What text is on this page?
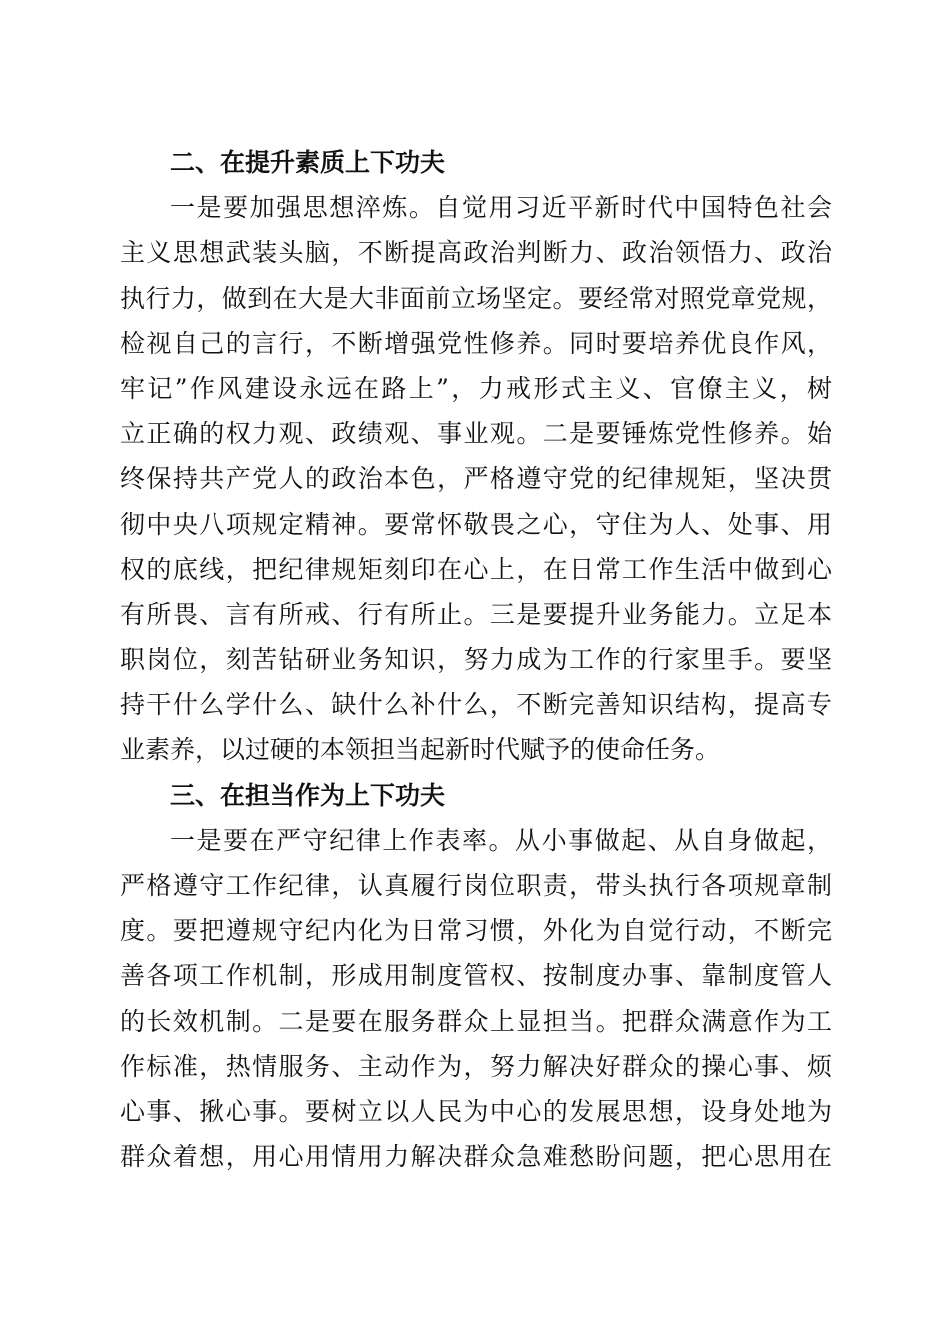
二、在提升素质上下功夫
一是要加强思想淬炼。自觉用习近平新时代中国特色社会
主义思想武装头脑，不断提高政治判断力、政治领悟力、政治
执行力，做到在大是大非面前立场坚定。要经常对照党章党规，
检视自己的言行，不断增强党性修养。同时要培养优良作风，
牢记”作风建设永远在路上”，力戒形式主义、官僚主义，树
立正确的权力观、政绩观、事业观。二是要锤炼党性修养。始
终保持共产党人的政治本色，严格遵守党的纪律规矩，坚决贯
彻中央八项规定精神。要常怀敬畏之心，守住为人、处事、用
权的底线，把纪律规矩刻印在心上，在日常工作生活中做到心
有所畏、言有所戒、行有所止。三是要提升业务能力。立足本
职岗位，刻苦钻研业务知识，努力成为工作的行家里手。要坚
持干什么学什么、缺什么补什么，不断完善知识结构，提高专
业素养，以过硬的本领担当起新时代赋予的使命任务。
三、在担当作为上下功夫
一是要在严守纪律上作表率。从小事做起、从自身做起，
严格遵守工作纪律，认真履行岗位职责，带头执行各项规章制
度。要把遵规守纪内化为日常习惯，外化为自觉行动，不断完
善各项工作机制，形成用制度管权、按制度办事、靠制度管人
的长效机制。二是要在服务群众上显担当。把群众满意作为工
作标准，热情服务、主动作为，努力解决好群众的操心事、烦
心事、揪心事。要树立以人民为中心的发展思想，设身处地为
群众着想，用心用情用力解决群众急难愁盼问题，把心思用在
